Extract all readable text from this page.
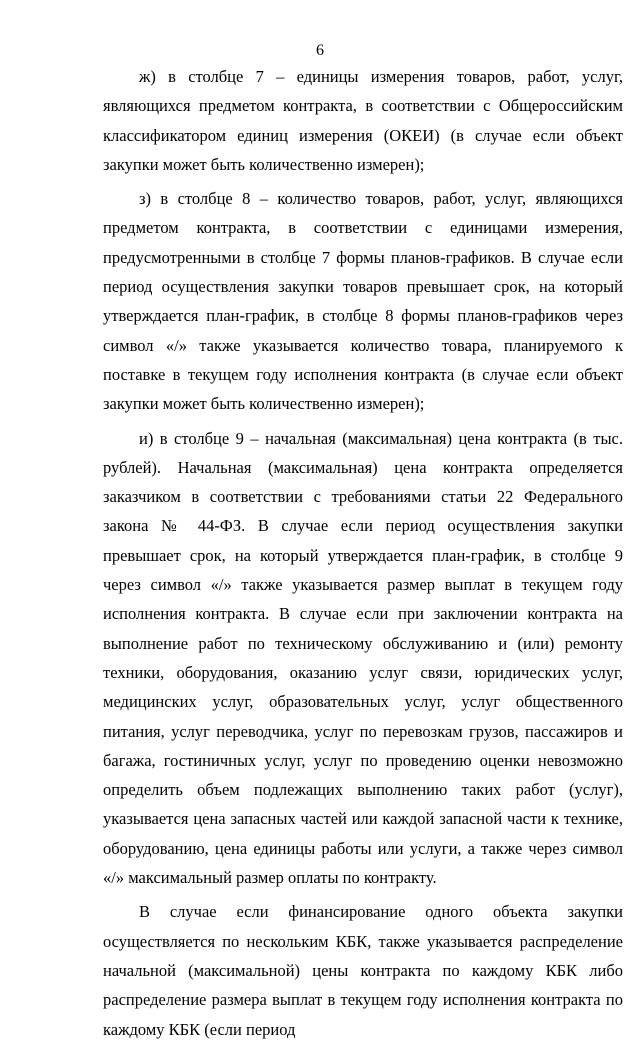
6

ж) в столбце 7 – единицы измерения товаров, работ, услуг, являющихся предметом контракта, в соответствии с Общероссийским классификатором единиц измерения (ОКЕИ) (в случае если объект закупки может быть количественно измерен);

з) в столбце 8 – количество товаров, работ, услуг, являющихся предметом контракта, в соответствии с единицами измерения, предусмотренными в столбце 7 формы планов-графиков. В случае если период осуществления закупки товаров превышает срок, на который утверждается план-график, в столбце 8 формы планов-графиков через символ «/» также указывается количество товара, планируемого к поставке в текущем году исполнения контракта (в случае если объект закупки может быть количественно измерен);

и) в столбце 9 – начальная (максимальная) цена контракта (в тыс. рублей). Начальная (максимальная) цена контракта определяется заказчиком в соответствии с требованиями статьи 22 Федерального закона № 44-ФЗ. В случае если период осуществления закупки превышает срок, на который утверждается план-график, в столбце 9 через символ «/» также указывается размер выплат в текущем году исполнения контракта. В случае если при заключении контракта на выполнение работ по техническому обслуживанию и (или) ремонту техники, оборудования, оказанию услуг связи, юридических услуг, медицинских услуг, образовательных услуг, услуг общественного питания, услуг переводчика, услуг по перевозкам грузов, пассажиров и багажа, гостиничных услуг, услуг по проведению оценки невозможно определить объем подлежащих выполнению таких работ (услуг), указывается цена запасных частей или каждой запасной части к технике, оборудованию, цена единицы работы или услуги, а также через символ «/» максимальный размер оплаты по контракту.

В случае если финансирование одного объекта закупки осуществляется по нескольким КБК, также указывается распределение начальной (максимальной) цены контракта по каждому КБК либо распределение размера выплат в текущем году исполнения контракта по каждому КБК (если период
